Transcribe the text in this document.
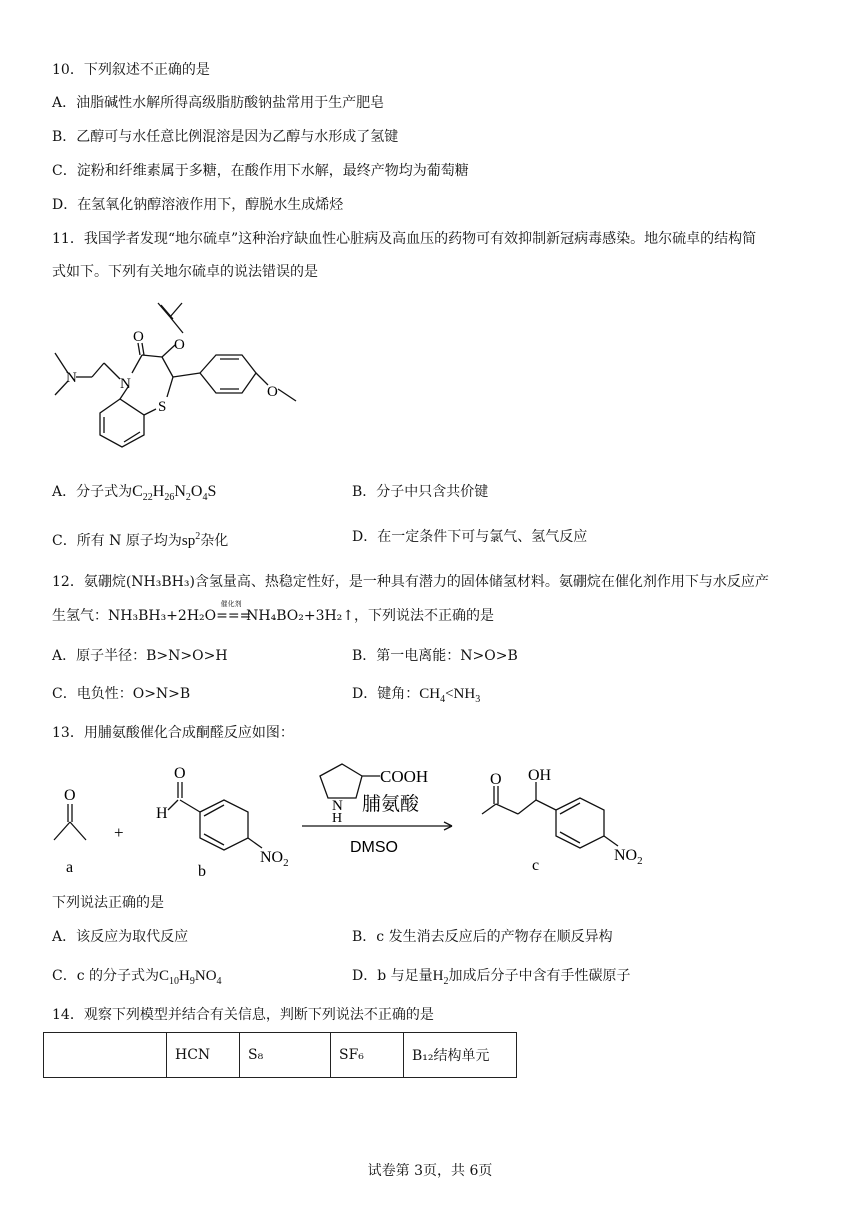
10．下列叙述不正确的是
A．油脂碱性水解所得高级脂肪酸钠盐常用于生产肥皂
B．乙醇可与水任意比例混溶是因为乙醇与水形成了氢键
C．淀粉和纤维素属于多糖，在酸作用下水解，最终产物均为葡萄糖
D．在氢氧化钠醇溶液作用下，醇脱水生成烯烃
11．我国学者发现“地尔硫卓”这种治疗缺血性心脏病及高血压的药物可有效抑制新冠病毒感染。地尔硫卓的结构简
式如下。下列有关地尔硫卓的说法错误的是
N	N
O
S
O
O
A．分子式为$C_{22}H_{26}N_2O_4S$	B．分子中只含共价键
C．所有 N 原子均为$sp^2$杂化	D．在一定条件下可与氯气、氢气反应
12．氨硼烷(NH₃BH₃)含氢量高、热稳定性好，是一种具有潜力的固体储氢材料。氨硼烷在催化剂作用下与水反应产
生氢气：NH₃BH₃+2H₂O
催化剂
===NH₄BO₂+3H₂↑，下列说法不正确的是
A．原子半径：B>N>O>H	B．第一电离能：N>O>B
C．电负性：O>N>B	D．键角：$CH_4<NH_3$
13．用脯氨酸催化合成酮醛反应如图：
O
a
+
O
H
$NO_2$
b
COOH
N
H
脯氨酸
DMSO
O OH
$NO_2$
c
下列说法正确的是
A．该反应为取代反应	B．c 发生消去反应后的产物存在顺反异构
C．c 的分子式为$C_{10}H_9NO_4$	D．b 与足量$H_2$加成后分子中含有手性碳原子
14．观察下列模型并结合有关信息，判断下列说法不正确的是
	HCN	S₈	SF₆	B₁₂结构单元
试卷第 3页，共 6页
